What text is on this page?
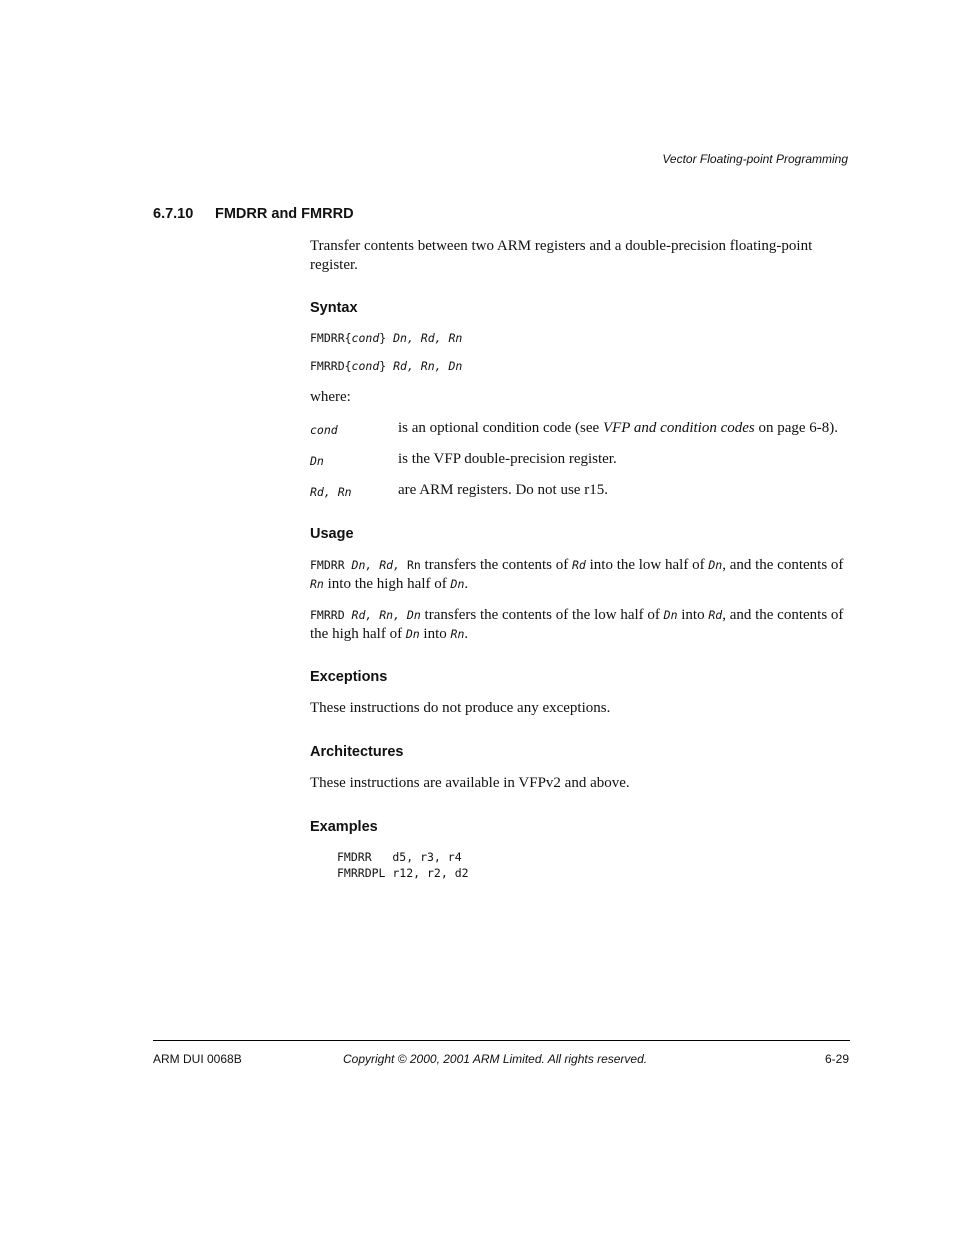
Vector Floating-point Programming
6.7.10 FMDRR and FMRRD
Transfer contents between two ARM registers and a double-precision floating-point register.
Syntax
FMDRR{cond} Dn, Rd, Rn
FMRRD{cond} Rd, Rn, Dn
where:
cond	is an optional condition code (see VFP and condition codes on page 6-8).
Dn	is the VFP double-precision register.
Rd, Rn	are ARM registers. Do not use r15.
Usage
FMDRR Dn, Rd, Rn transfers the contents of Rd into the low half of Dn, and the contents of
Rn into the high half of Dn.
FMRRD Rd, Rn, Dn transfers the contents of the low half of Dn into Rd, and the contents of
the high half of Dn into Rn.
Exceptions
These instructions do not produce any exceptions.
Architectures
These instructions are available in VFPv2 and above.
Examples
FMDRR   d5, r3, r4
FMRRDPL r12, r2, d2
ARM DUI 0068B	Copyright © 2000, 2001 ARM Limited. All rights reserved.	6-29
